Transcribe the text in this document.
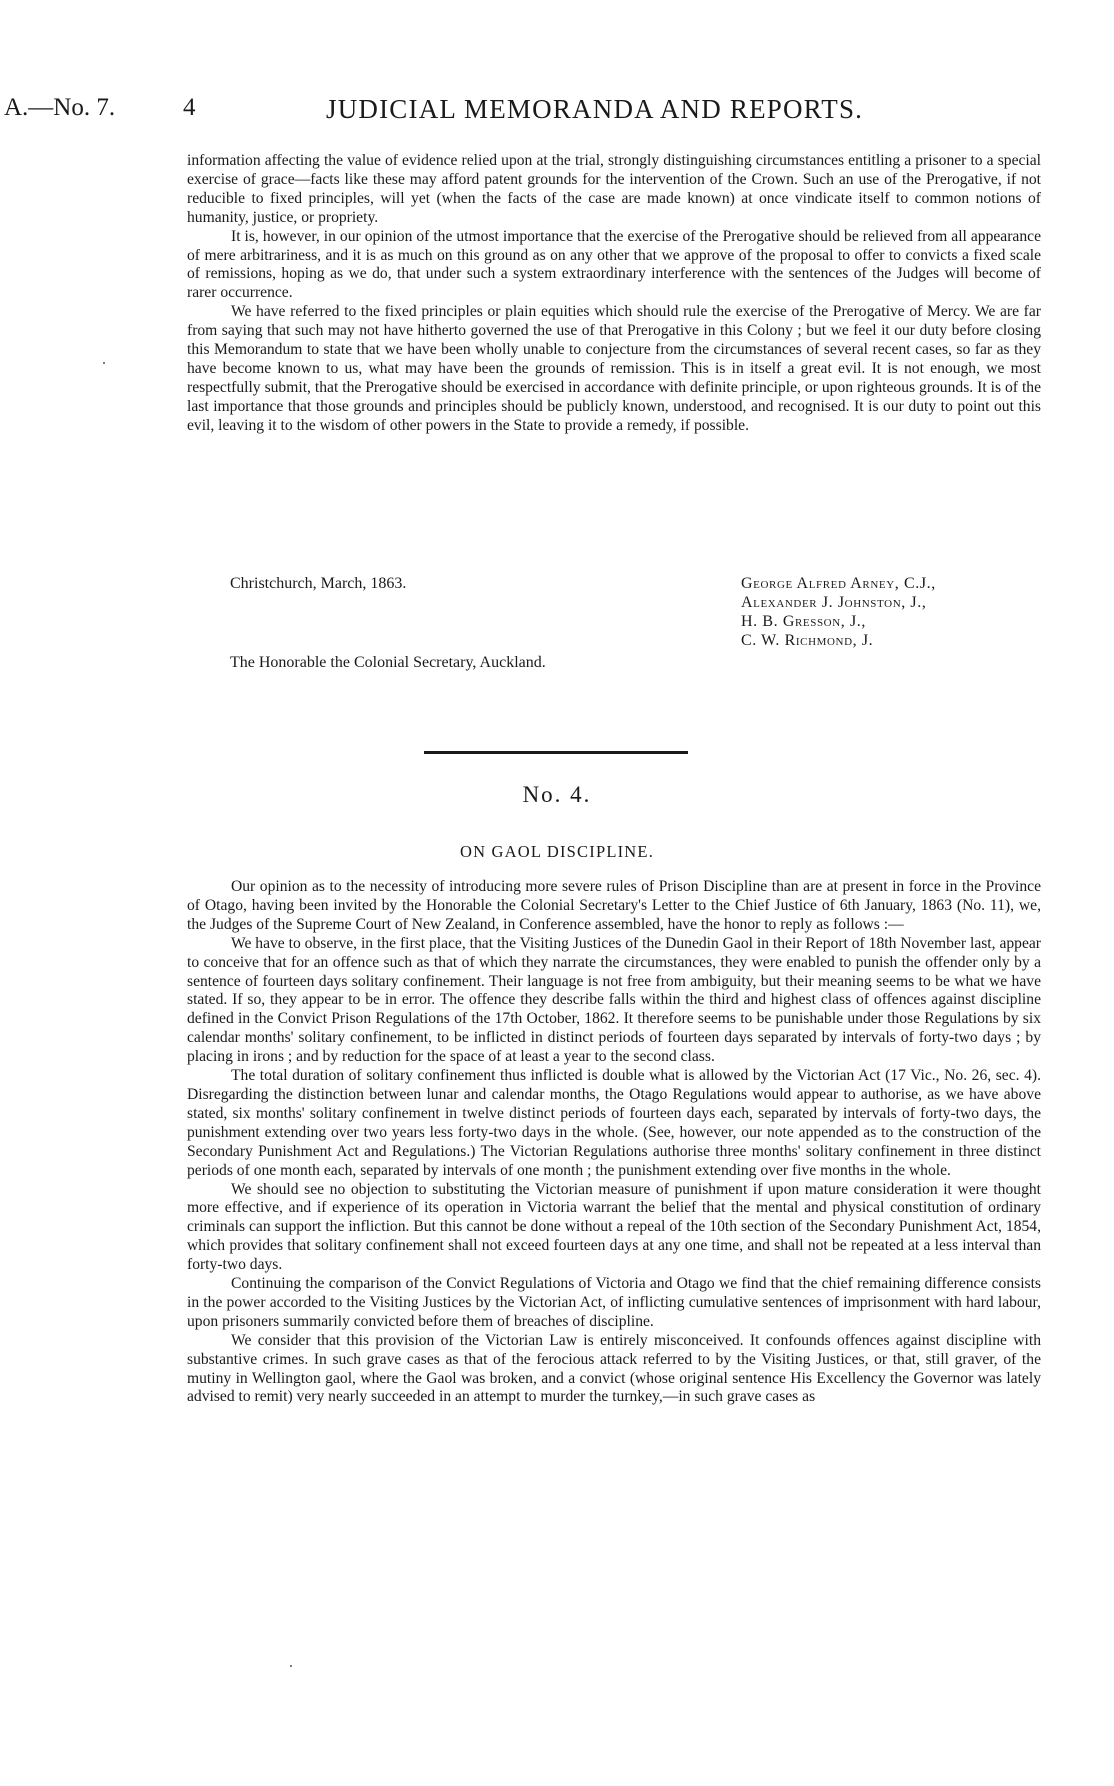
A.—No. 7.	4	JUDICIAL MEMORANDA AND REPORTS.

information affecting the value of evidence relied upon at the trial, strongly distinguishing circumstances entitling a prisoner to a special exercise of grace—facts like these may afford patent grounds for the intervention of the Crown. Such an use of the Prerogative, if not reducible to fixed principles, will yet (when the facts of the case are made known) at once vindicate itself to common notions of humanity, justice, or propriety.

It is, however, in our opinion of the utmost importance that the exercise of the Prerogative should be relieved from all appearance of mere arbitrariness, and it is as much on this ground as on any other that we approve of the proposal to offer to convicts a fixed scale of remissions, hoping as we do, that under such a system extraordinary interference with the sentences of the Judges will become of rarer occurrence.

We have referred to the fixed principles or plain equities which should rule the exercise of the Prerogative of Mercy. We are far from saying that such may not have hitherto governed the use of that Prerogative in this Colony ; but we feel it our duty before closing this Memorandum to state that we have been wholly unable to conjecture from the circumstances of several recent cases, so far as they have become known to us, what may have been the grounds of remission. This is in itself a great evil. It is not enough, we most respectfully submit, that the Prerogative should be exercised in accordance with definite principle, or upon righteous grounds. It is of the last importance that those grounds and principles should be publicly known, understood, and recognised. It is our duty to point out this evil, leaving it to the wisdom of other powers in the State to provide a remedy, if possible.

Christchurch, March, 1863.
The Honorable the Colonial Secretary, Auckland.
George Alfred Arney, C.J.,
Alexander J. Johnston, J.,
H. B. Gresson, J.,
C. W. Richmond, J.
No. 4.
ON GAOL DISCIPLINE.

Our opinion as to the necessity of introducing more severe rules of Prison Discipline than are at present in force in the Province of Otago, having been invited by the Honorable the Colonial Secretary's Letter to the Chief Justice of 6th January, 1863 (No. 11), we, the Judges of the Supreme Court of New Zealand, in Conference assembled, have the honor to reply as follows :—

We have to observe, in the first place, that the Visiting Justices of the Dunedin Gaol in their Report of 18th November last, appear to conceive that for an offence such as that of which they narrate the circumstances, they were enabled to punish the offender only by a sentence of fourteen days solitary confinement. Their language is not free from ambiguity, but their meaning seems to be what we have stated. If so, they appear to be in error. The offence they describe falls within the third and highest class of offences against discipline defined in the Convict Prison Regulations of the 17th October, 1862. It therefore seems to be punishable under those Regulations by six calendar months' solitary confinement, to be inflicted in distinct periods of fourteen days separated by intervals of forty-two days ; by placing in irons ; and by reduction for the space of at least a year to the second class.

The total duration of solitary confinement thus inflicted is double what is allowed by the Victorian Act (17 Vic., No. 26, sec. 4). Disregarding the distinction between lunar and calendar months, the Otago Regulations would appear to authorise, as we have above stated, six months' solitary confinement in twelve distinct periods of fourteen days each, separated by intervals of forty-two days, the punishment extending over two years less forty-two days in the whole. (See, however, our note appended as to the construction of the Secondary Punishment Act and Regulations.) The Victorian Regulations authorise three months' solitary confinement in three distinct periods of one month each, separated by intervals of one month ; the punishment extending over five months in the whole.

We should see no objection to substituting the Victorian measure of punishment if upon mature consideration it were thought more effective, and if experience of its operation in Victoria warrant the belief that the mental and physical constitution of ordinary criminals can support the infliction. But this cannot be done without a repeal of the 10th section of the Secondary Punishment Act, 1854, which provides that solitary confinement shall not exceed fourteen days at any one time, and shall not be repeated at a less interval than forty-two days.

Continuing the comparison of the Convict Regulations of Victoria and Otago we find that the chief remaining difference consists in the power accorded to the Visiting Justices by the Victorian Act, of inflicting cumulative sentences of imprisonment with hard labour, upon prisoners summarily convicted before them of breaches of discipline.

We consider that this provision of the Victorian Law is entirely misconceived. It confounds offences against discipline with substantive crimes. In such grave cases as that of the ferocious attack referred to by the Visiting Justices, or that, still graver, of the mutiny in Wellington gaol, where the Gaol was broken, and a convict (whose original sentence His Excellency the Governor was lately advised to remit) very nearly succeeded in an attempt to murder the turnkey,—in such grave cases as
